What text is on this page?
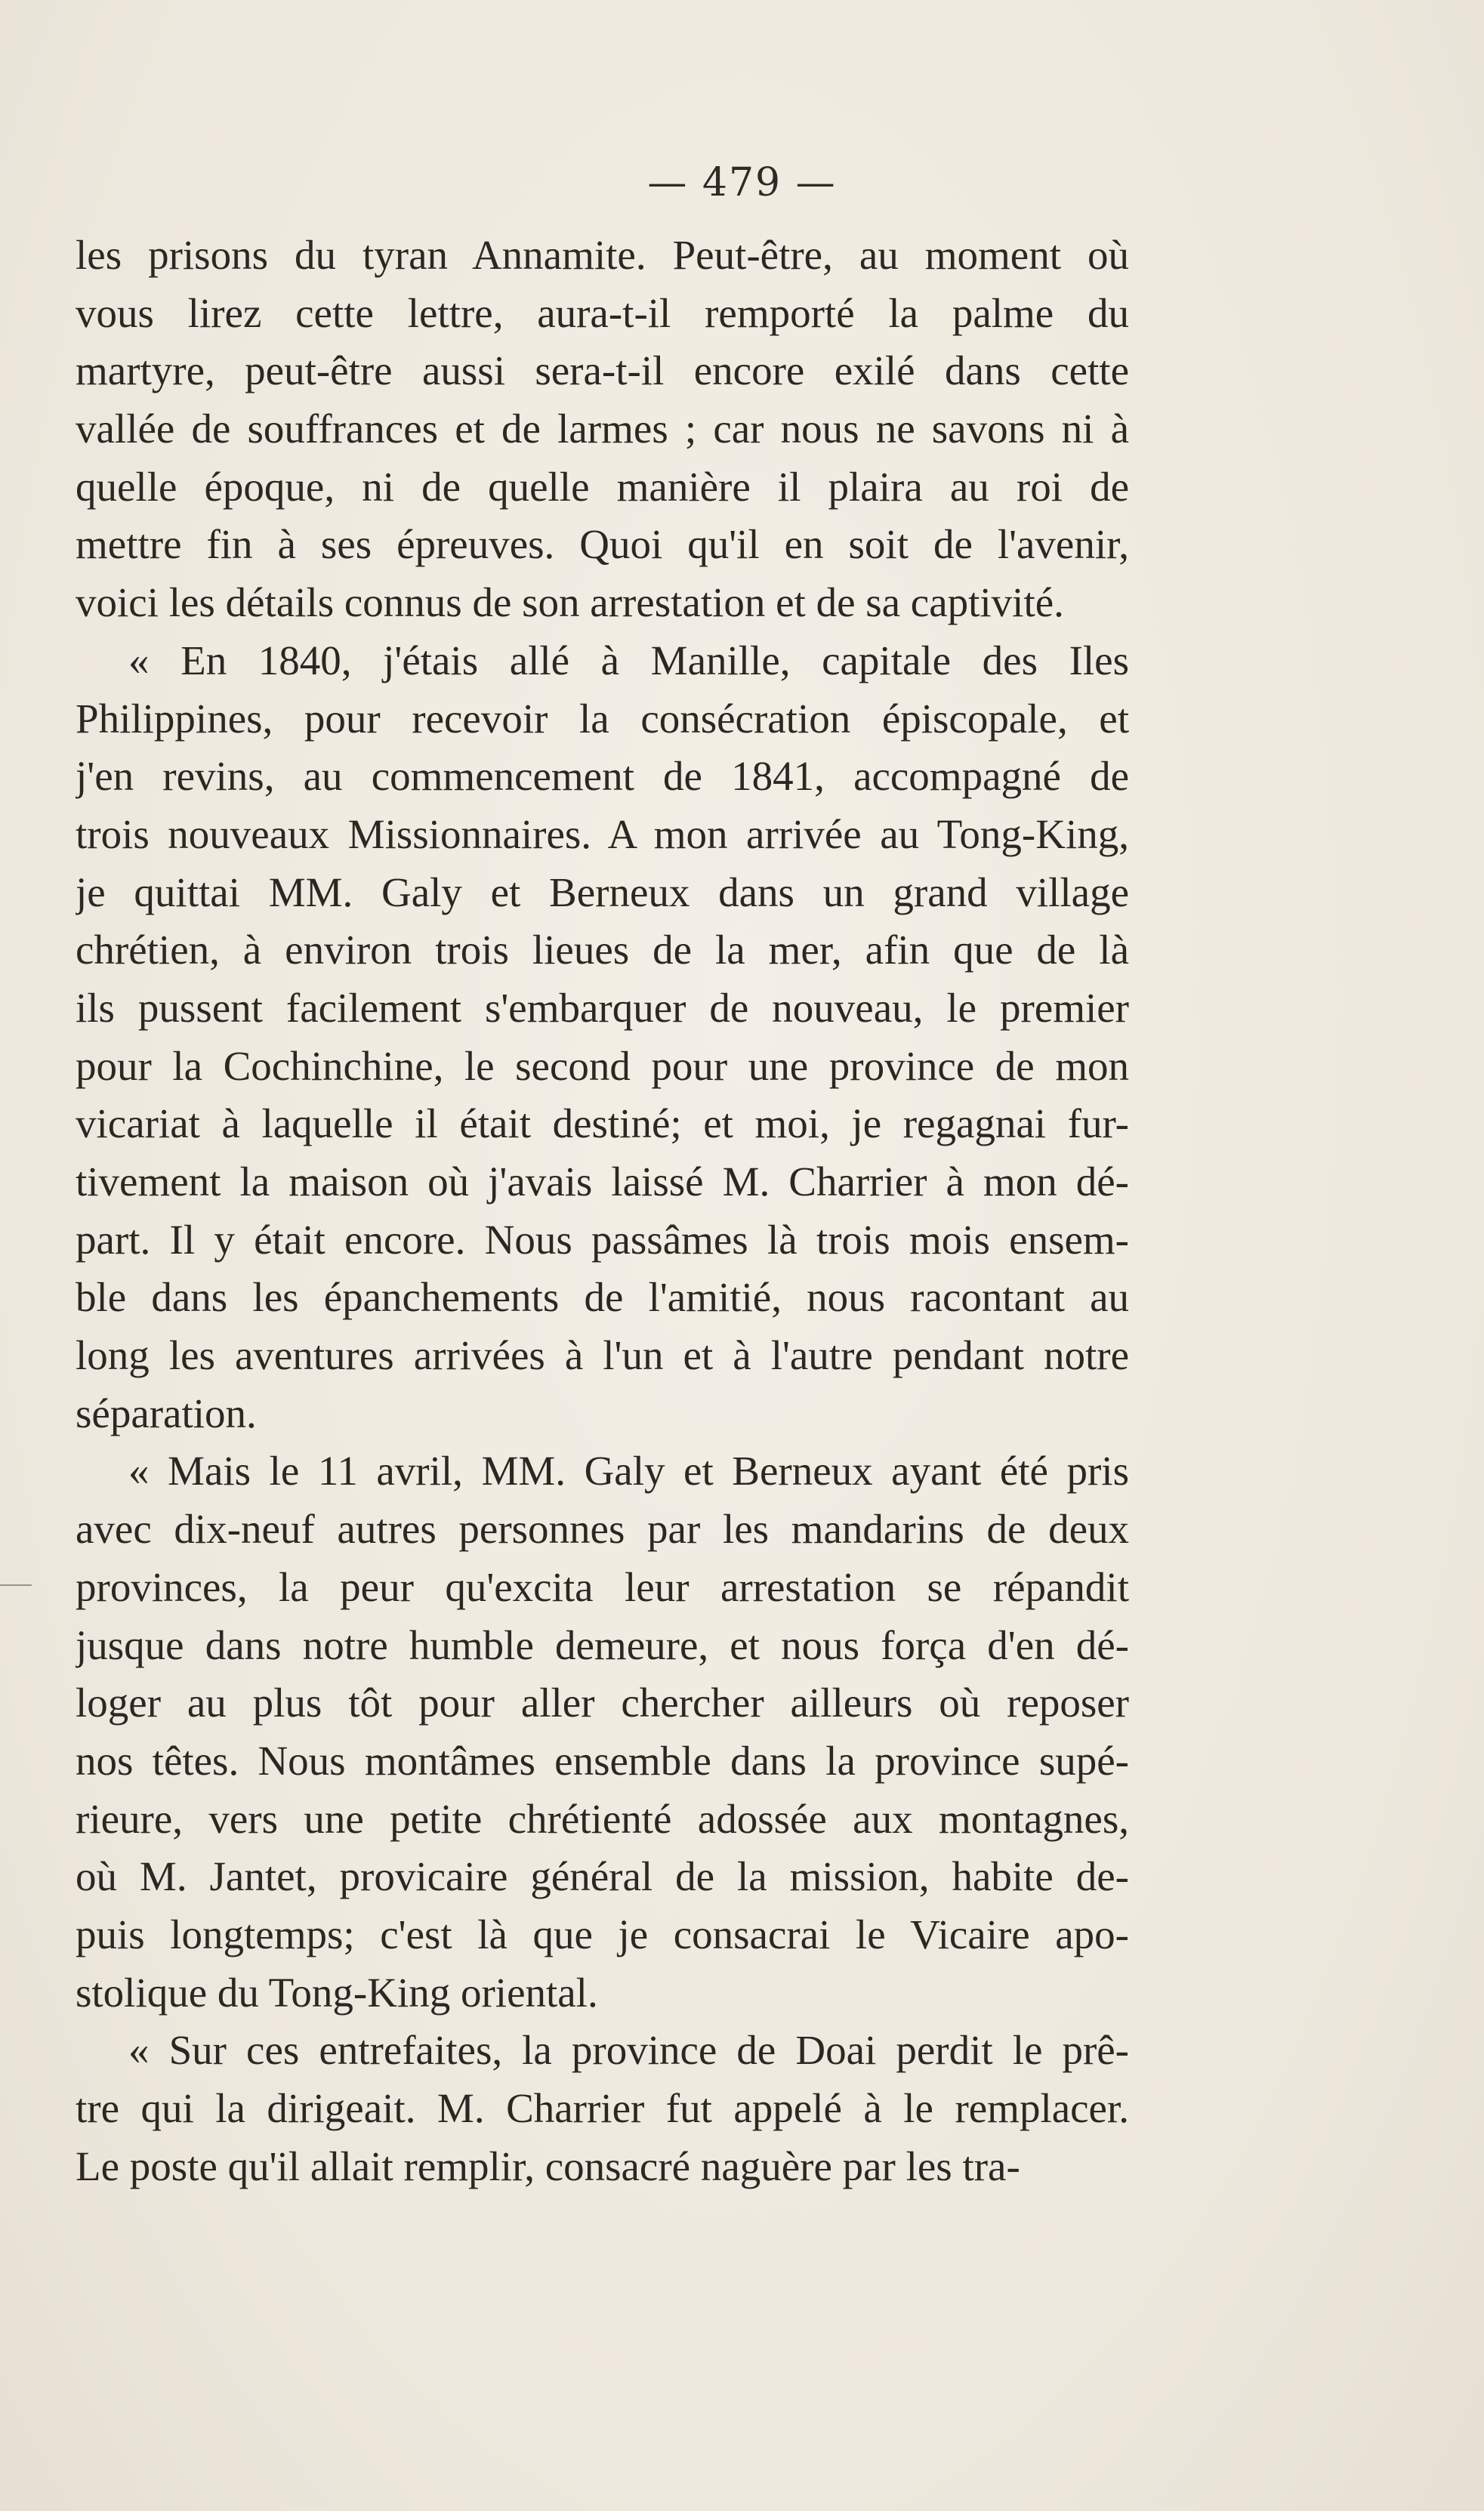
— 479 —
les prisons du tyran Annamite. Peut-être, au moment où
vous lirez cette lettre, aura-t-il remporté la palme du
martyre, peut-être aussi sera-t-il encore exilé dans cette
vallée de souffrances et de larmes ; car nous ne savons ni à
quelle époque, ni de quelle manière il plaira au roi de
mettre fin à ses épreuves. Quoi qu'il en soit de l'avenir,
voici les détails connus de son arrestation et de sa captivité.
« En 1840, j'étais allé à Manille, capitale des Iles
Philippines, pour recevoir la consécration épiscopale, et
j'en revins, au commencement de 1841, accompagné de
trois nouveaux Missionnaires. A mon arrivée au Tong-King,
je quittai MM. Galy et Berneux dans un grand village
chrétien, à environ trois lieues de la mer, afin que de là
ils pussent facilement s'embarquer de nouveau, le premier
pour la Cochinchine, le second pour une province de mon
vicariat à laquelle il était destiné; et moi, je regagnai fur-
tivement la maison où j'avais laissé M. Charrier à mon dé-
part. Il y était encore. Nous passâmes là trois mois ensem-
ble dans les épanchements de l'amitié, nous racontant au
long les aventures arrivées à l'un et à l'autre pendant notre
séparation.
« Mais le 11 avril, MM. Galy et Berneux ayant été pris
avec dix-neuf autres personnes par les mandarins de deux
provinces, la peur qu'excita leur arrestation se répandit
jusque dans notre humble demeure, et nous força d'en dé-
loger au plus tôt pour aller chercher ailleurs où reposer
nos têtes. Nous montâmes ensemble dans la province supé-
rieure, vers une petite chrétienté adossée aux montagnes,
où M. Jantet, provicaire général de la mission, habite de-
puis longtemps; c'est là que je consacrai le Vicaire apo-
stolique du Tong-King oriental.
« Sur ces entrefaites, la province de Doai perdit le prê-
tre qui la dirigeait. M. Charrier fut appelé à le remplacer.
Le poste qu'il allait remplir, consacré naguère par les tra-
